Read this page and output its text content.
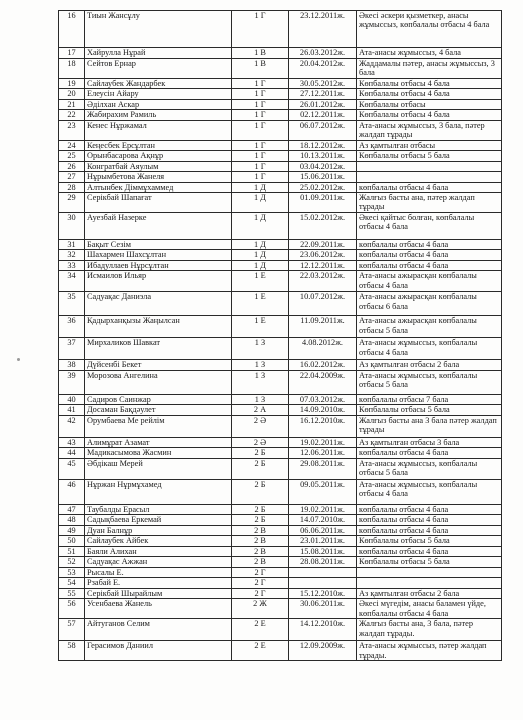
16	Тиын Жансұлу	1 Г	23.12.2011ж.	Әкесі әскери қызметкер, анасы жұмыссыз, көпбалалы отбасы 4 бала
17	Хайрулла Нұрай	1 В	26.03.2012ж.	Ата-анасы жұмыссыз, 4 бала
18	Сейтов Ернар	1 В	20.04.2012ж.	Жаддамалы пәтер, анасы жұмыссыз, 3 бала
19	Сайлаубек Жандарбек	1 Г	30.05.2012ж.	Көпбалалы отбасы 4 бала
20	Елеусін Айару	1 Г	27.12.2011ж.	Көпбалалы отбасы 4 бала
21	Әділхан Аскар	1 Г	26.01.2012ж.	Көпбалалы отбасы
22	Жабирахим Рамиль	1 Г	02.12.2011ж.	Көпбалалы отбасы 4 бала
23	Кенес Нұржамал	1 Г	06.07.2012ж.	Ата-анасы жұмыссыз, 3 бала, пәтер жалдап тұрады
24	Кеңесбек Ерсұлтан	1 Г	18.12.2012ж.	Аз қамтылған отбасы
25	Орынбасарова Ақнұр	1 Г	10.13.2011ж.	Көпбалалы отбасы 5 бала
26	Конгратбай Аяулым	1 Г	03.04.2012ж.	
27	Нұрымбетова Жанеля	1 Г	15.06.2011ж.	
28	Алтынбек Діммұхаммед	1 Д	25.02.2012ж.	көпбалалы отбасы 4 бала
29	Серікбай Шапағат	1 Д	01.09.2011ж.	Жалғыз басты ана, пәтер жалдап тұрады
30	Ауезбай Назерке	1 Д	15.02.2012ж.	Әкесі қайтыс болған, көпбалалы отбасы 4 бала
31	Бақыт Сезім	1 Д	22.09.2011ж.	көпбалалы отбасы 4 бала
32	Шахармен Шахсұлтан	1 Д	23.06.2012ж.	көпбалалы отбасы 4 бала
33	Ибадуллаев Нұрсұлтан	1 Д	12.12.2011ж.	көпбалалы отбасы 4 бала
34	Исмаилов Ильяр	1 Е	22.03.2012ж.	Ата-анасы ажырасқан көпбалалы отбасы 4 бала
35	Садуақас Даниэла	1 Е	10.07.2012ж.	Ата-анасы ажырасқан көпбалалы отбасы 6 бала
36	Қадырханқызы Жаңылсан	1 Е	11.09.2011ж.	Ата-анасы ажырасқан көпбалалы отбасы 5 бала
37	Мирхаликов Шавкат	1 З	4.08.2012ж.	Ата-анасы жұмыссыз, көпбалалы отбасы 4 бала
38	Дүйсенбі Бекет	1 З	16.02.2012ж.	Аз қамтылған отбасы 2 бала
39	Морозова Ангелина	1 З	22.04.2009ж.	Ата-анасы жұмыссыз, көпбалалы отбасы 5 бала
40	Садиров Саинжар	1 З	07.03.2012ж.	көпбалалы отбасы 7 бала
41	Досаман Бақдәулет	2 А	14.09.2010ж.	Көпбалалы отбасы 5 бала
42	Орумбаева Ме рейлім	2 Ә	16.12.2010ж.	Жалғыз басты ана 3 бала пәтер жалдап тұрады
43	Алимұрат Азамат	2 Ә	19.02.2011ж.	Аз қамтылған отбасы 3 бала
44	Мадикасымова Жасмин	2 Б	12.06.2011ж.	көпбалалы отбасы 4 бала
45	Әбдікаш Мерей	2 Б	29.08.2011ж.	Ата-анасы жұмыссыз, көпбалалы отбасы 5 бала
46	Нұржан Нұрмұхамед	2 Б	09.05.2011ж.	Ата-анасы жұмыссыз, көпбалалы отбасы 4 бала
47	Таубалды Ерасыл	2 Б	19.02.2011ж.	көпбалалы отбасы 4 бала
48	Садықбаева Еркемай	2 Б	14.07.2010ж.	көпбалалы отбасы 4 бала
49	Дуан Балнұр	2 В	06.06.2011ж.	көпбалалы отбасы 4 бала
50	Сайлаубек Айбек	2 В	23.01.2011ж.	Көпбалалы отбасы 5 бала
51	Баяли Алихан	2 В	15.08.2011ж.	көпбалалы отбасы 4 бала
52	Садуақас Ажжан	2 В	28.08.2011ж.	Көпбалалы отбасы 5 бала
53	Рысалы Е.	2 Г		
54	Рзабай Е.	2 Г		
55	Серікбай Шырайлым	2 Г	15.12.2010ж.	Аз қамтылған отбасы 2 бала
56	Усенбаева Жанель	2 Ж	30.06.2011ж.	Әкесі мүгедім, анасы баламен үйде, көпбалалы отбасы 4 бала
57	Айтуганов Селим	2 Е	14.12.2010ж.	Жалғыз басты ана, 3 бала, пәтер жалдап тұрады.
58	Герасимов Даниил	2 Е	12.09.2009ж.	Ата-анасы жұмыссыз, пәтер жалдап тұрады.
